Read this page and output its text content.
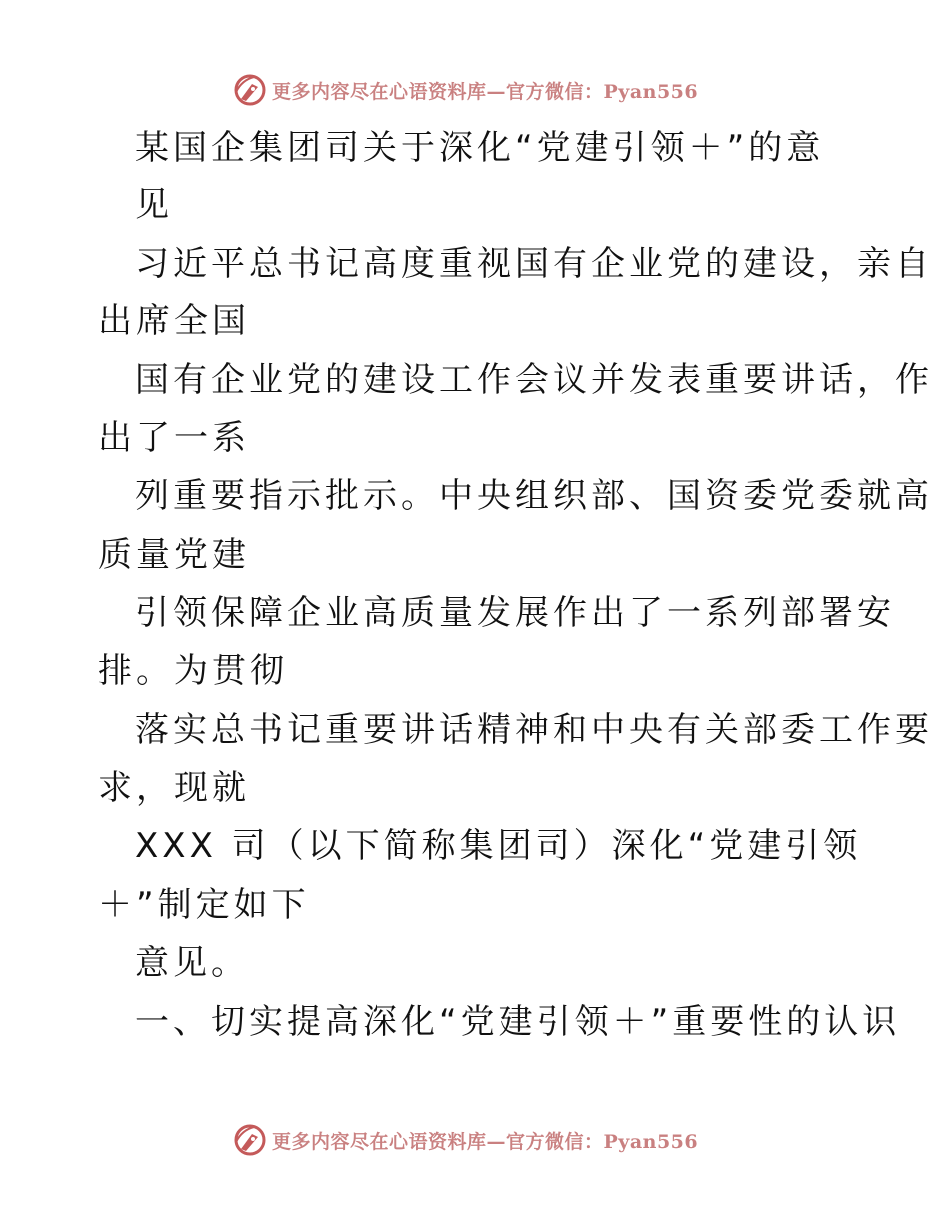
更多内容尽在心语资料库—官方微信：Pyan556
某国企集团司关于深化“党建引领＋”的意
见
习近平总书记高度重视国有企业党的建设，亲自
出席全国
国有企业党的建设工作会议并发表重要讲话，作
出了一系
列重要指示批示。中央组织部、国资委党委就高
质量党建
引领保障企业高质量发展作出了一系列部署安
排。为贯彻
落实总书记重要讲话精神和中央有关部委工作要
求，现就
XXX 司（以下简称集团司）深化“党建引领
＋”制定如下
意见。
一、切实提高深化“党建引领＋”重要性的认识
更多内容尽在心语资料库—官方微信：Pyan556
